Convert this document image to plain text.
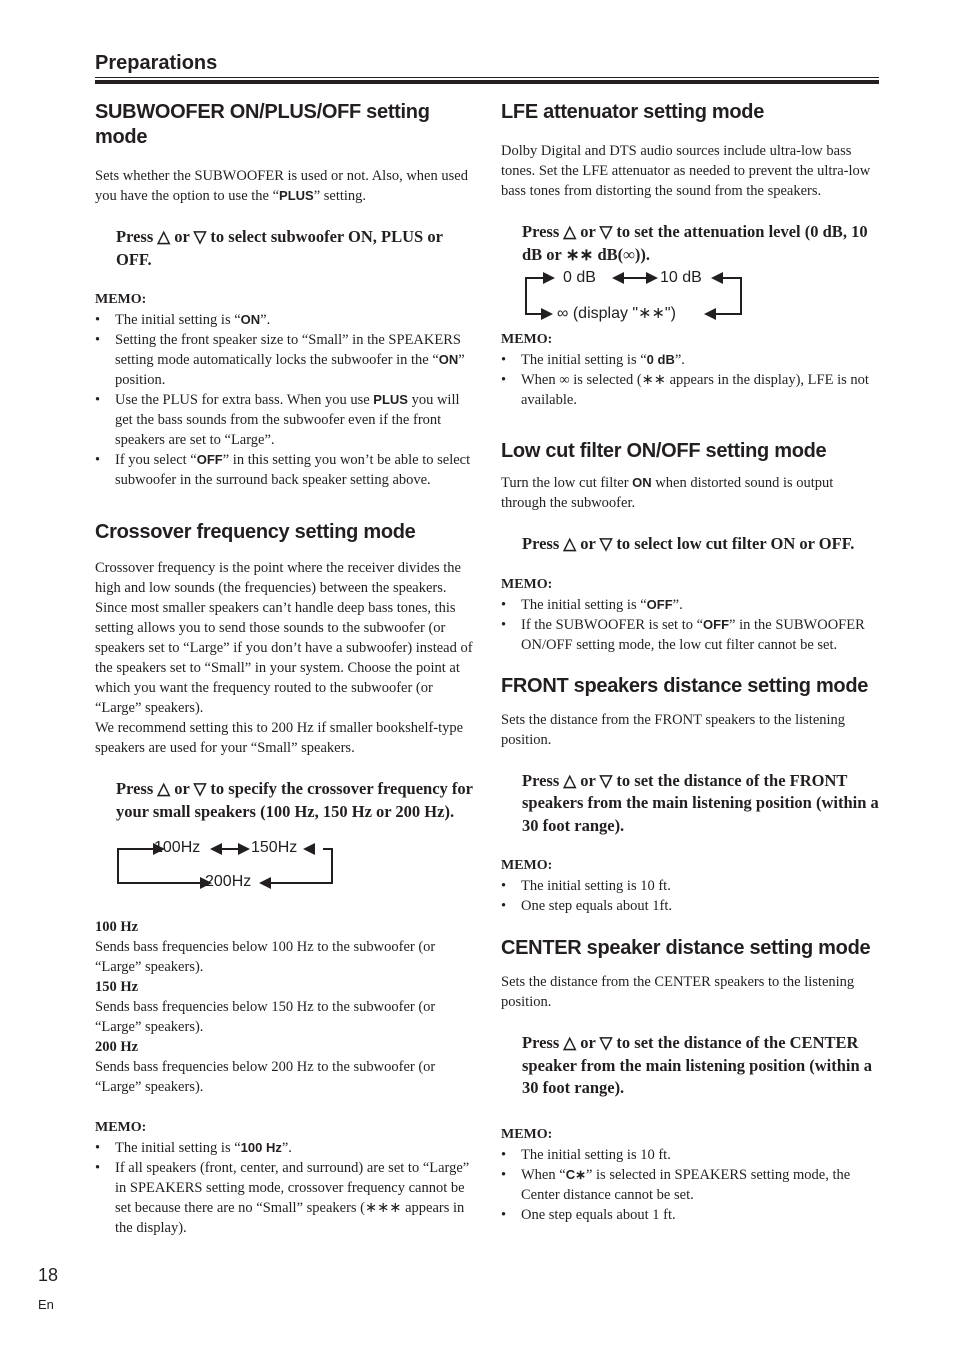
Preparations
SUBWOOFER ON/PLUS/OFF setting mode

Sets whether the SUBWOOFER is used or not. Also, when used you have the option to use the “PLUS” setting.

Press △ or ▽ to select subwoofer ON, PLUS or OFF.

MEMO:
• The initial setting is “ON”.
• Setting the front speaker size to “Small” in the SPEAKERS setting mode automatically locks the subwoofer in the “ON” position.
• Use the PLUS for extra bass. When you use PLUS you will get the bass sounds from the subwoofer even if the front speakers are set to “Large”.
• If you select “OFF” in this setting you won’t be able to select subwoofer in the surround back speaker setting above.
Crossover frequency setting mode

Crossover frequency is the point where the receiver divides the high and low sounds (the frequencies) between the speakers. Since most smaller speakers can’t handle deep bass tones, this setting allows you to send those sounds to the subwoofer (or speakers set to “Large” if you don’t have a subwoofer) instead of the speakers set to “Small” in your system. Choose the point at which you want the frequency routed to the subwoofer (or “Large” speakers).

We recommend setting this to 200 Hz if smaller bookshelf-type speakers are used for your “Small” speakers.

Press △ or ▽ to specify the crossover frequency for your small speakers (100 Hz, 150 Hz or 200 Hz).

100Hz	150Hz
200Hz
100 Hz

Sends bass frequencies below 100 Hz to the subwoofer (or “Large” speakers).

150 Hz

Sends bass frequencies below 150 Hz to the subwoofer (or “Large” speakers).

200 Hz

Sends bass frequencies below 200 Hz to the subwoofer (or “Large” speakers).

MEMO:
• The initial setting is “100 Hz”.
• If all speakers (front, center, and surround) are set to “Large” in SPEAKERS setting mode, crossover frequency cannot be set because there are no “Small” speakers (∗∗∗ appears in the display).
LFE attenuator setting mode

Dolby Digital and DTS audio sources include ultra-low bass tones. Set the LFE attenuator as needed to prevent the ultra-low bass tones from distorting the sound from the speakers.

Press △ or ▽ to set the attenuation level (0 dB, 10 dB or ∗∗ dB(∞)).

0 dB	10 dB
∞ (display "∗∗")
MEMO:
• The initial setting is “0 dB”.
• When ∞ is selected (∗∗ appears in the display), LFE is not available.
Low cut filter ON/OFF setting mode

Turn the low cut filter ON when distorted sound is output through the subwoofer.

Press △ or ▽ to select low cut filter ON or OFF.

MEMO:
• The initial setting is “OFF”.
• If the SUBWOOFER is set to “OFF” in the SUBWOOFER ON/OFF setting mode, the low cut filter cannot be set.
FRONT speakers distance setting mode

Sets the distance from the FRONT speakers to the listening position.

Press △ or ▽ to set the distance of the FRONT speakers from the main listening position (within a 30 foot range).

MEMO:
• The initial setting is 10 ft.
• One step equals about 1ft.
CENTER speaker distance setting mode

Sets the distance from the CENTER speakers to the listening position.

Press △ or ▽ to set the distance of the CENTER speaker from the main listening position (within a 30 foot range).

MEMO:
• The initial setting is 10 ft.
• When “C∗” is selected in SPEAKERS setting mode, the Center distance cannot be set.
• One step equals about 1 ft.
18
En
